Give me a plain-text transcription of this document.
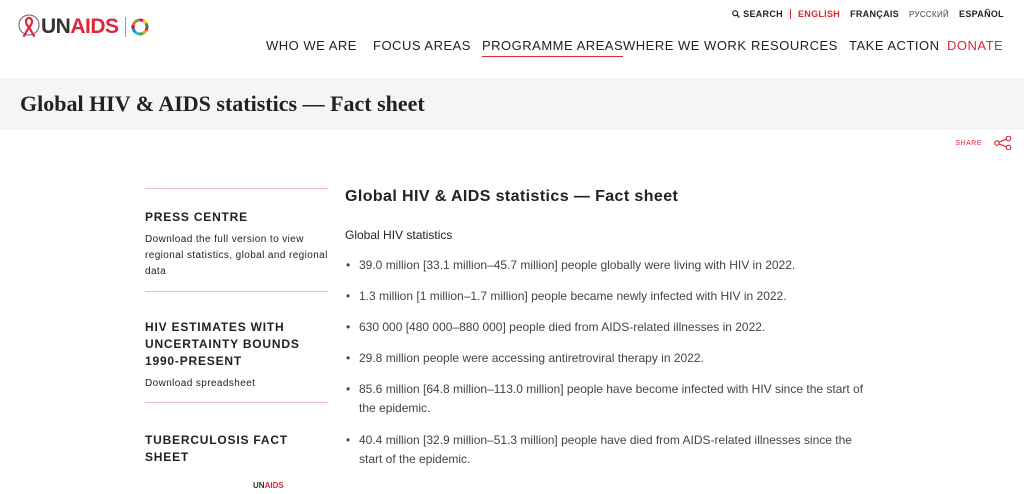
UNAIDS
SEARCH ENGLISH FRANÇAIS РУССКИЙ ESPAÑOL
WHO WE ARE FOCUS AREAS PROGRAMME AREAS WHERE WE WORK RESOURCES TAKE ACTION DONATE
Global HIV & AIDS statistics — Fact sheet
SHARE
PRESS CENTRE

Download the full version to view regional statistics, global and regional data

HIV ESTIMATES WITH UNCERTAINTY BOUNDS 1990-PRESENT

Download spreadsheet

TUBERCULOSIS FACT SHEET
UNAIDS
Global HIV & AIDS statistics — Fact sheet
Global HIV statistics
• 39.0 million [33.1 million–45.7 million] people globally were living with HIV in 2022.
• 1.3 million [1 million–1.7 million] people became newly infected with HIV in 2022.
• 630 000 [480 000–880 000] people died from AIDS-related illnesses in 2022.
• 29.8 million people were accessing antiretroviral therapy in 2022.
• 85.6 million [64.8 million–113.0 million] people have become infected with HIV since the start of the epidemic.
• 40.4 million [32.9 million–51.3 million] people have died from AIDS-related illnesses since the start of the epidemic.
